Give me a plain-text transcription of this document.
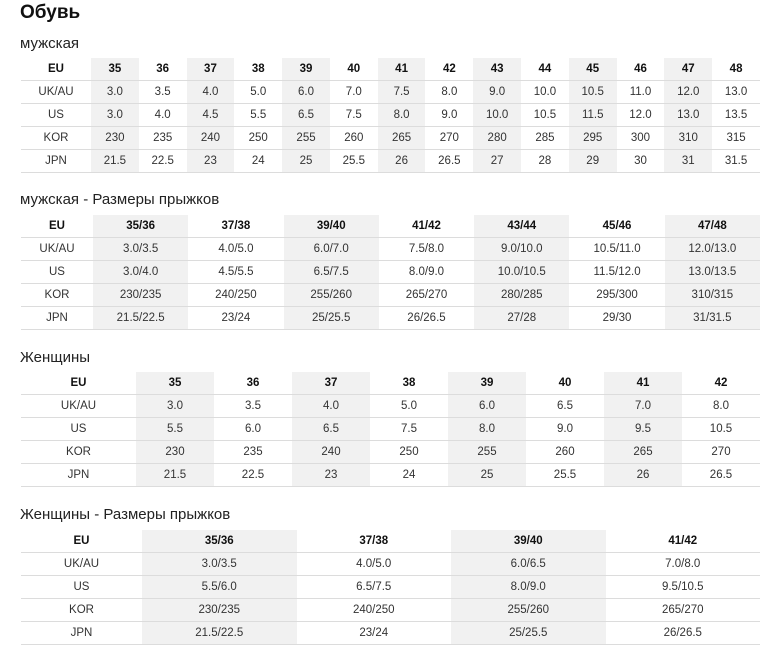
Обувь
мужская
EU	35	36	37	38	39	40	41	42	43	44	45	46	47	48
UK/AU	3.0	3.5	4.0	5.0	6.0	7.0	7.5	8.0	9.0	10.0	10.5	11.0	12.0	13.0
US	3.0	4.0	4.5	5.5	6.5	7.5	8.0	9.0	10.0	10.5	11.5	12.0	13.0	13.5
KOR	230	235	240	250	255	260	265	270	280	285	295	300	310	315
JPN	21.5	22.5	23	24	25	25.5	26	26.5	27	28	29	30	31	31.5
мужская - Размеры прыжков
EU	35/36	37/38	39/40	41/42	43/44	45/46	47/48
UK/AU	3.0/3.5	4.0/5.0	6.0/7.0	7.5/8.0	9.0/10.0	10.5/11.0	12.0/13.0
US	3.0/4.0	4.5/5.5	6.5/7.5	8.0/9.0	10.0/10.5	11.5/12.0	13.0/13.5
KOR	230/235	240/250	255/260	265/270	280/285	295/300	310/315
JPN	21.5/22.5	23/24	25/25.5	26/26.5	27/28	29/30	31/31.5
Женщины
EU	35	36	37	38	39	40	41	42
UK/AU	3.0	3.5	4.0	5.0	6.0	6.5	7.0	8.0
US	5.5	6.0	6.5	7.5	8.0	9.0	9.5	10.5
KOR	230	235	240	250	255	260	265	270
JPN	21.5	22.5	23	24	25	25.5	26	26.5
Женщины - Размеры прыжков
EU	35/36	37/38	39/40	41/42
UK/AU	3.0/3.5	4.0/5.0	6.0/6.5	7.0/8.0
US	5.5/6.0	6.5/7.5	8.0/9.0	9.5/10.5
KOR	230/235	240/250	255/260	265/270
JPN	21.5/22.5	23/24	25/25.5	26/26.5
